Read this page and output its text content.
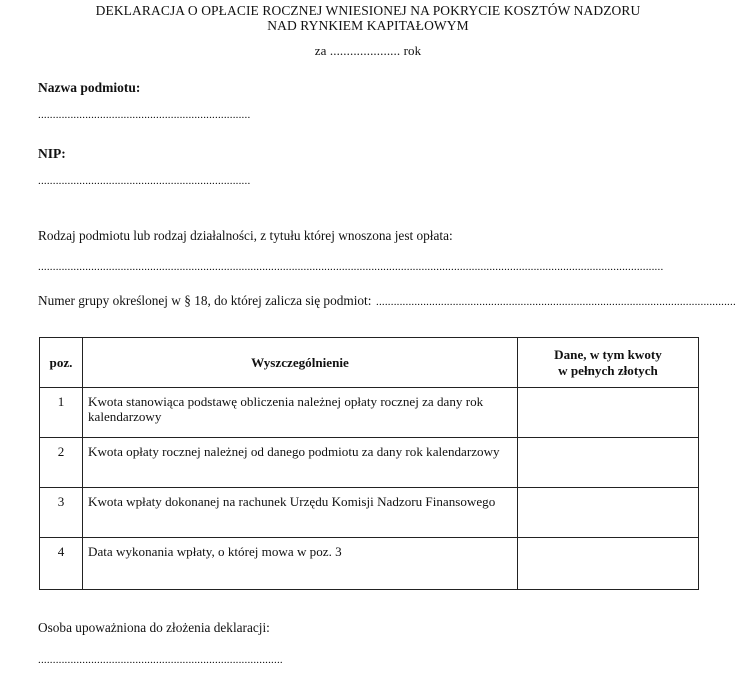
DEKLARACJA O OPŁACIE ROCZNEJ WNIESIONEJ NA POKRYCIE KOSZTÓW NADZORU
NAD RYNKIEM KAPITAŁOWYM
za ..................... rok
Nazwa podmiotu:
........................................................................
NIP:
........................................................................
Rodzaj podmiotu lub rodzaj działalności, z tytułu której wnoszona jest opłata:
....................................................................................................................................................................................................................
Numer grupy określonej w § 18, do której zalicza się podmiot: ..........................................................................................................................
poz.	Wyszczególnienie	Dane, w tym kwoty w pełnych złotych
1	Kwota stanowiąca podstawę obliczenia należnej opłaty rocznej za dany rok kalendarzowy	
2	Kwota opłaty rocznej należnej od danego podmiotu za dany rok kalendarzowy	
3	Kwota wpłaty dokonanej na rachunek Urzędu Komisji Nadzoru Finansowego	
4	Data wykonania wpłaty, o której mowa w poz. 3	
Osoba upoważniona do złożenia deklaracji:
...................................................................................
